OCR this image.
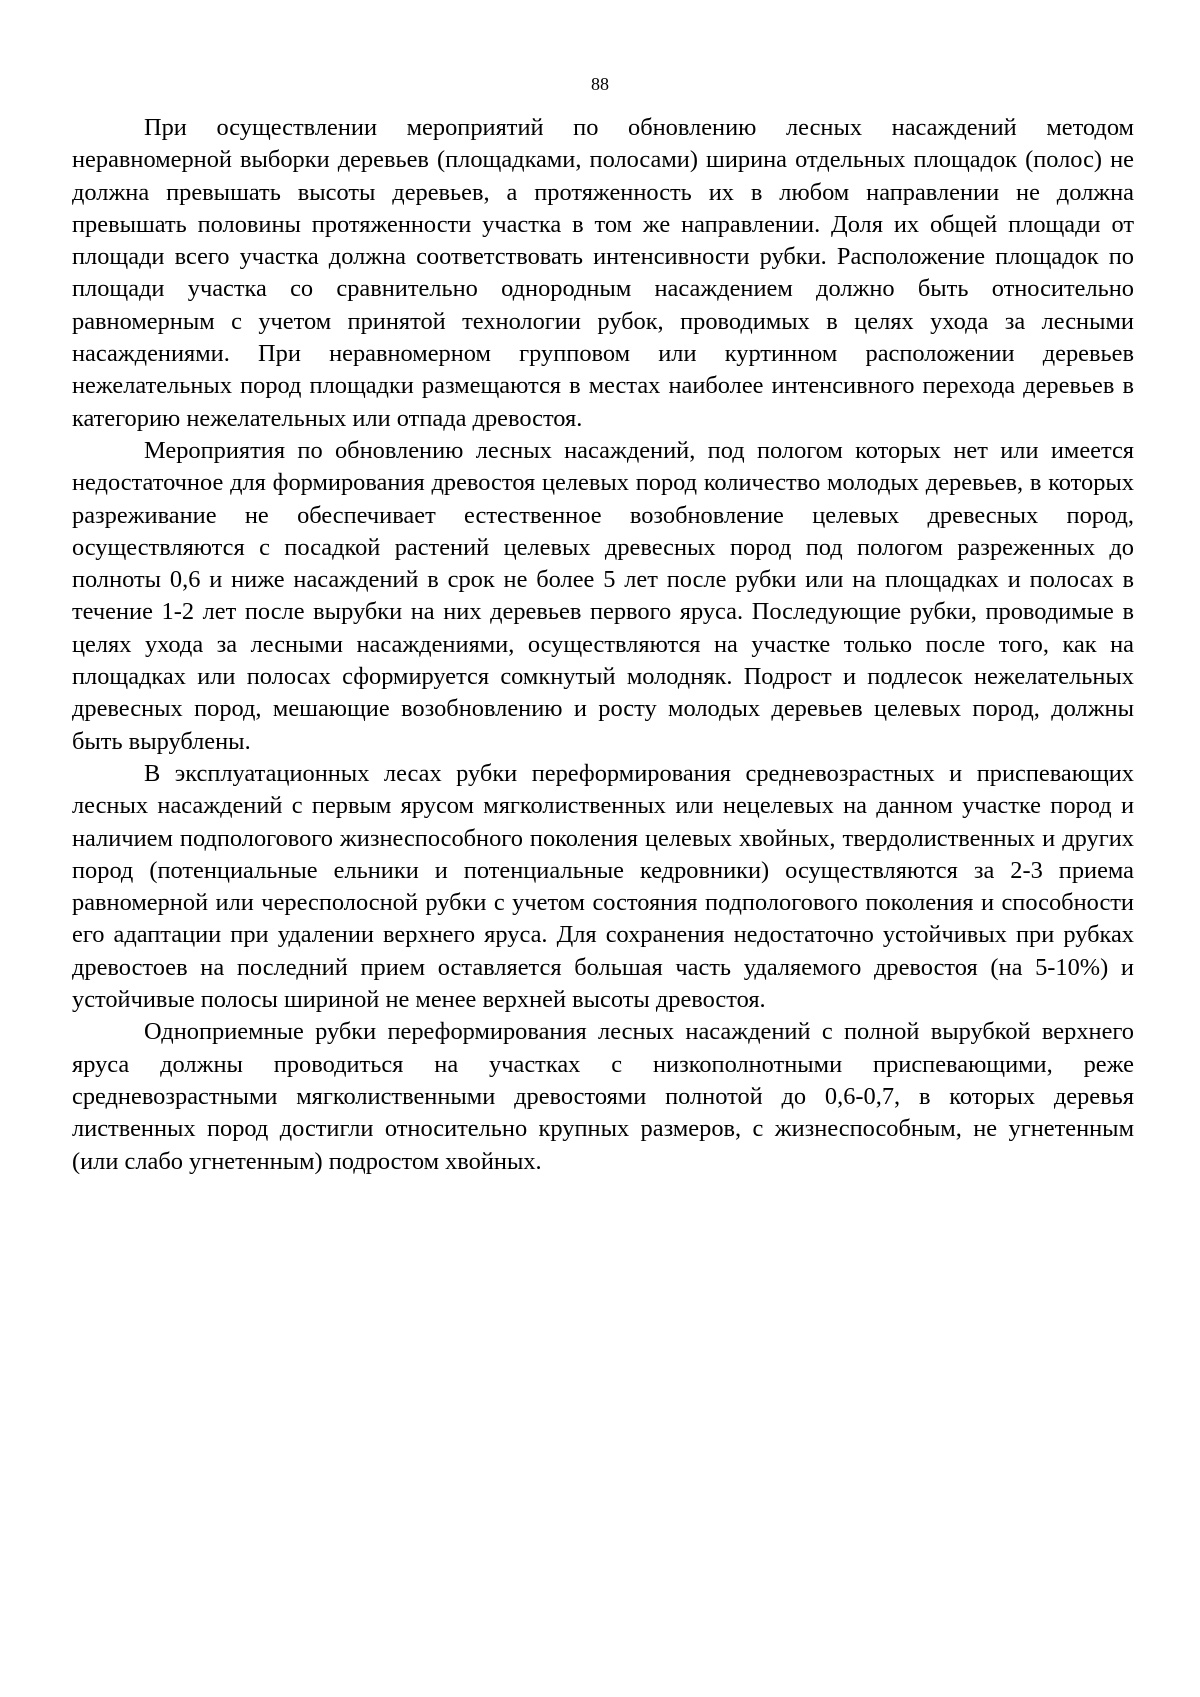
88

При осуществлении мероприятий по обновлению лесных насаждений методом неравномерной выборки деревьев (площадками, полосами) ширина отдельных площадок (полос) не должна превышать высоты деревьев, а протяженность их в любом направлении не должна превышать половины протяженности участка в том же направлении. Доля их общей площади от площади всего участка должна соответствовать интенсивности рубки. Расположение площадок по площади участка со сравнительно однородным насаждением должно быть относительно равномерным с учетом принятой технологии рубок, проводимых в целях ухода за лесными насаждениями. При неравномерном групповом или куртинном расположении деревьев нежелательных пород площадки размещаются в местах наиболее интенсивного перехода деревьев в категорию нежелательных или отпада древостоя.

Мероприятия по обновлению лесных насаждений, под пологом которых нет или имеется недостаточное для формирования древостоя целевых пород количество молодых деревьев, в которых разреживание не обеспечивает естественное возобновление целевых древесных пород, осуществляются с посадкой растений целевых древесных пород под пологом разреженных до полноты 0,6 и ниже насаждений в срок не более 5 лет после рубки или на площадках и полосах в течение 1-2 лет после вырубки на них деревьев первого яруса. Последующие рубки, проводимые в целях ухода за лесными насаждениями, осуществляются на участке только после того, как на площадках или полосах сформируется сомкнутый молодняк. Подрост и подлесок нежелательных древесных пород, мешающие возобновлению и росту молодых деревьев целевых пород, должны быть вырублены.

В эксплуатационных лесах рубки переформирования средневозрастных и приспевающих лесных насаждений с первым ярусом мягколиственных или нецелевых на данном участке пород и наличием подпологового жизнеспособного поколения целевых хвойных, твердолиственных и других пород (потенциальные ельники и потенциальные кедровники) осуществляются за 2-3 приема равномерной или чересполосной рубки с учетом состояния подпологового поколения и способности его адаптации при удалении верхнего яруса. Для сохранения недостаточно устойчивых при рубках древостоев на последний прием оставляется большая часть удаляемого древостоя (на 5-10%) и устойчивые полосы шириной не менее верхней высоты древостоя.

Одноприемные рубки переформирования лесных насаждений с полной вырубкой верхнего яруса должны проводиться на участках с низкополнотными приспевающими, реже средневозрастными мягколиственными древостоями полнотой до 0,6-0,7, в которых деревья лиственных пород достигли относительно крупных размеров, с жизнеспособным, не угнетенным (или слабо угнетенным) подростом хвойных.
